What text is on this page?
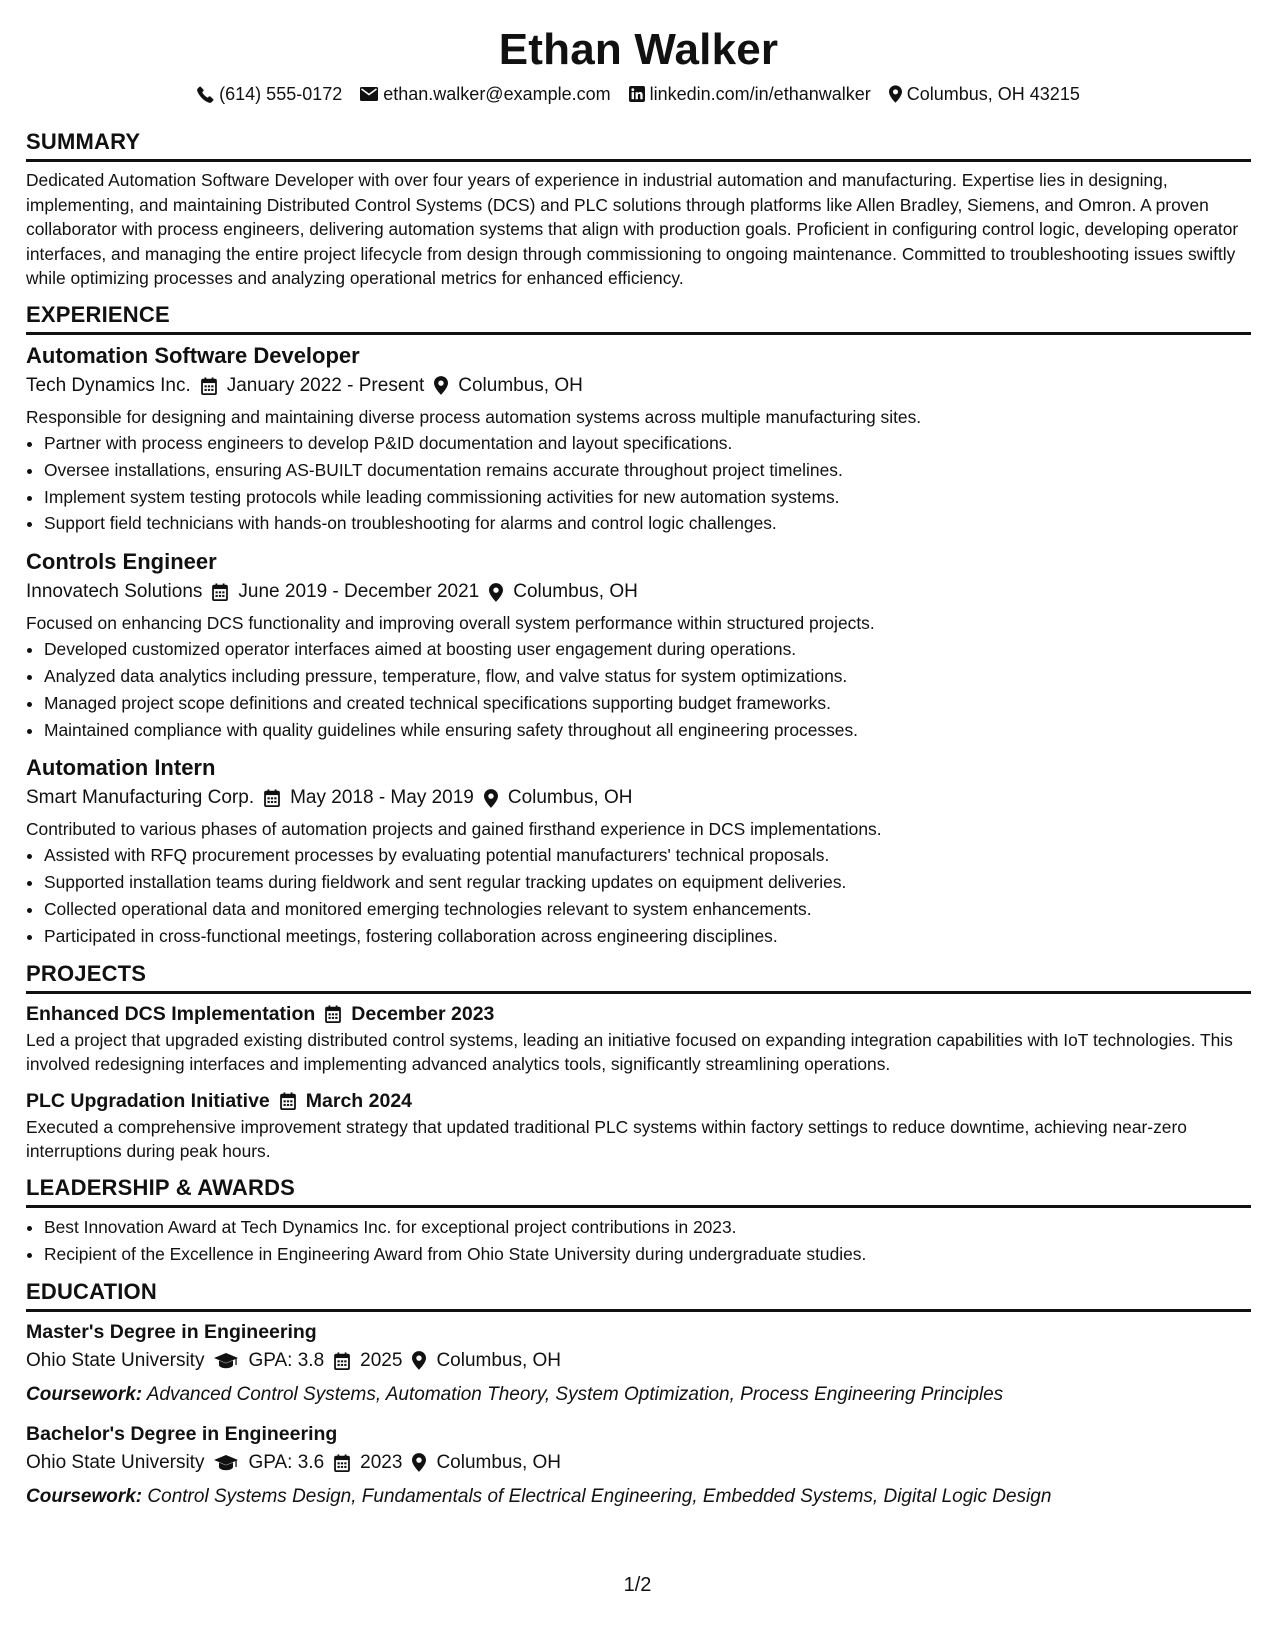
Ethan Walker
(614) 555-0172 ethan.walker@example.com linkedin.com/in/ethanwalker Columbus, OH 43215
SUMMARY

Dedicated Automation Software Developer with over four years of experience in industrial automation and manufacturing. Expertise lies in designing, implementing, and maintaining Distributed Control Systems (DCS) and PLC solutions through platforms like Allen Bradley, Siemens, and Omron. A proven collaborator with process engineers, delivering automation systems that align with production goals. Proficient in configuring control logic, developing operator interfaces, and managing the entire project lifecycle from design through commissioning to ongoing maintenance. Committed to troubleshooting issues swiftly while optimizing processes and analyzing operational metrics for enhanced efficiency.

EXPERIENCE
Automation Software Developer
Tech Dynamics Inc. January 2022 - Present Columbus, OH

Responsible for designing and maintaining diverse process automation systems across multiple manufacturing sites.

• Partner with process engineers to develop P&ID documentation and layout specifications.
• Oversee installations, ensuring AS-BUILT documentation remains accurate throughout project timelines.
• Implement system testing protocols while leading commissioning activities for new automation systems.
• Support field technicians with hands-on troubleshooting for alarms and control logic challenges.
Controls Engineer
Innovatech Solutions June 2019 - December 2021 Columbus, OH

Focused on enhancing DCS functionality and improving overall system performance within structured projects.

• Developed customized operator interfaces aimed at boosting user engagement during operations.
• Analyzed data analytics including pressure, temperature, flow, and valve status for system optimizations.
• Managed project scope definitions and created technical specifications supporting budget frameworks.
• Maintained compliance with quality guidelines while ensuring safety throughout all engineering processes.
Automation Intern
Smart Manufacturing Corp. May 2018 - May 2019 Columbus, OH

Contributed to various phases of automation projects and gained firsthand experience in DCS implementations.

• Assisted with RFQ procurement processes by evaluating potential manufacturers' technical proposals.
• Supported installation teams during fieldwork and sent regular tracking updates on equipment deliveries.
• Collected operational data and monitored emerging technologies relevant to system enhancements.
• Participated in cross-functional meetings, fostering collaboration across engineering disciplines.
PROJECTS
Enhanced DCS Implementation December 2023

Led a project that upgraded existing distributed control systems, leading an initiative focused on expanding integration capabilities with IoT technologies. This involved redesigning interfaces and implementing advanced analytics tools, significantly streamlining operations.

PLC Upgradation Initiative March 2024

Executed a comprehensive improvement strategy that updated traditional PLC systems within factory settings to reduce downtime, achieving near-zero interruptions during peak hours.

LEADERSHIP & AWARDS
• Best Innovation Award at Tech Dynamics Inc. for exceptional project contributions in 2023.
• Recipient of the Excellence in Engineering Award from Ohio State University during undergraduate studies.
EDUCATION
Master's Degree in Engineering
Ohio State University GPA: 3.8 2025 Columbus, OH
Coursework: Advanced Control Systems, Automation Theory, System Optimization, Process Engineering Principles
Bachelor's Degree in Engineering
Ohio State University GPA: 3.6 2023 Columbus, OH
Coursework: Control Systems Design, Fundamentals of Electrical Engineering, Embedded Systems, Digital Logic Design
1/2
